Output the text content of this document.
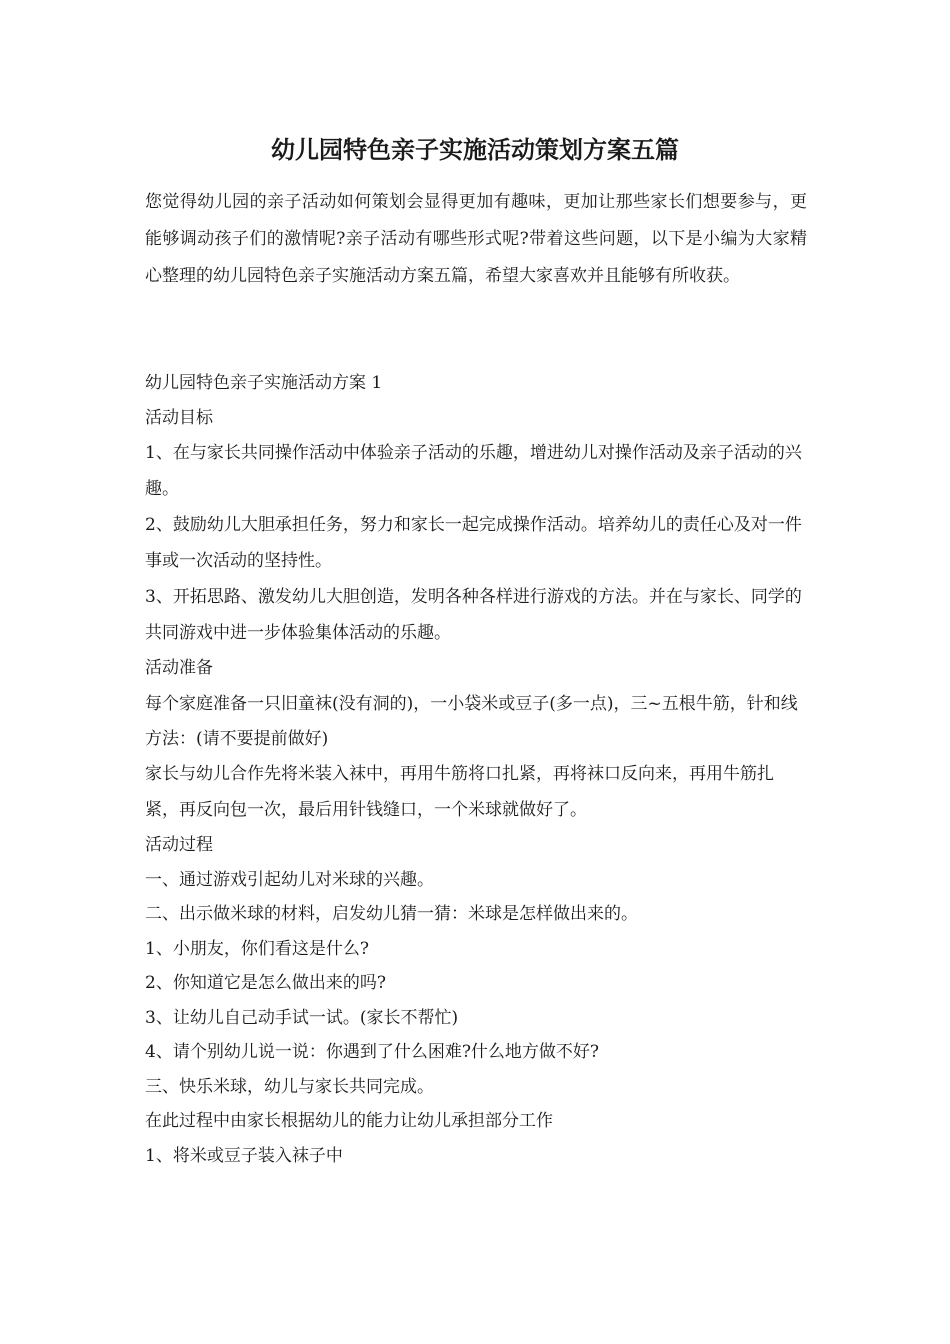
幼儿园特色亲子实施活动策划方案五篇

您觉得幼儿园的亲子活动如何策划会显得更加有趣味，更加让那些家长们想要参与，更能够调动孩子们的激情呢?亲子活动有哪些形式呢?带着这些问题，以下是小编为大家精心整理的幼儿园特色亲子实施活动方案五篇，希望大家喜欢并且能够有所收获。

幼儿园特色亲子实施活动方案 1

活动目标

1、在与家长共同操作活动中体验亲子活动的乐趣，增进幼儿对操作活动及亲子活动的兴趣。

2、鼓励幼儿大胆承担任务，努力和家长一起完成操作活动。培养幼儿的责任心及对一件事或一次活动的坚持性。

3、开拓思路、激发幼儿大胆创造，发明各种各样进行游戏的方法。并在与家长、同学的共同游戏中进一步体验集体活动的乐趣。

活动准备

每个家庭准备一只旧童袜(没有洞的)，一小袋米或豆子(多一点)，三~五根牛筋，针和线

方法：(请不要提前做好)

家长与幼儿合作先将米装入袜中，再用牛筋将口扎紧，再将袜口反向来，再用牛筋扎紧，再反向包一次，最后用针钱缝口，一个米球就做好了。

活动过程

一、通过游戏引起幼儿对米球的兴趣。

二、出示做米球的材料，启发幼儿猜一猜：米球是怎样做出来的。

1、小朋友，你们看这是什么?

2、你知道它是怎么做出来的吗?

3、让幼儿自己动手试一试。(家长不帮忙)

4、请个别幼儿说一说：你遇到了什么困难?什么地方做不好?

三、快乐米球，幼儿与家长共同完成。

在此过程中由家长根据幼儿的能力让幼儿承担部分工作

1、将米或豆子装入袜子中
